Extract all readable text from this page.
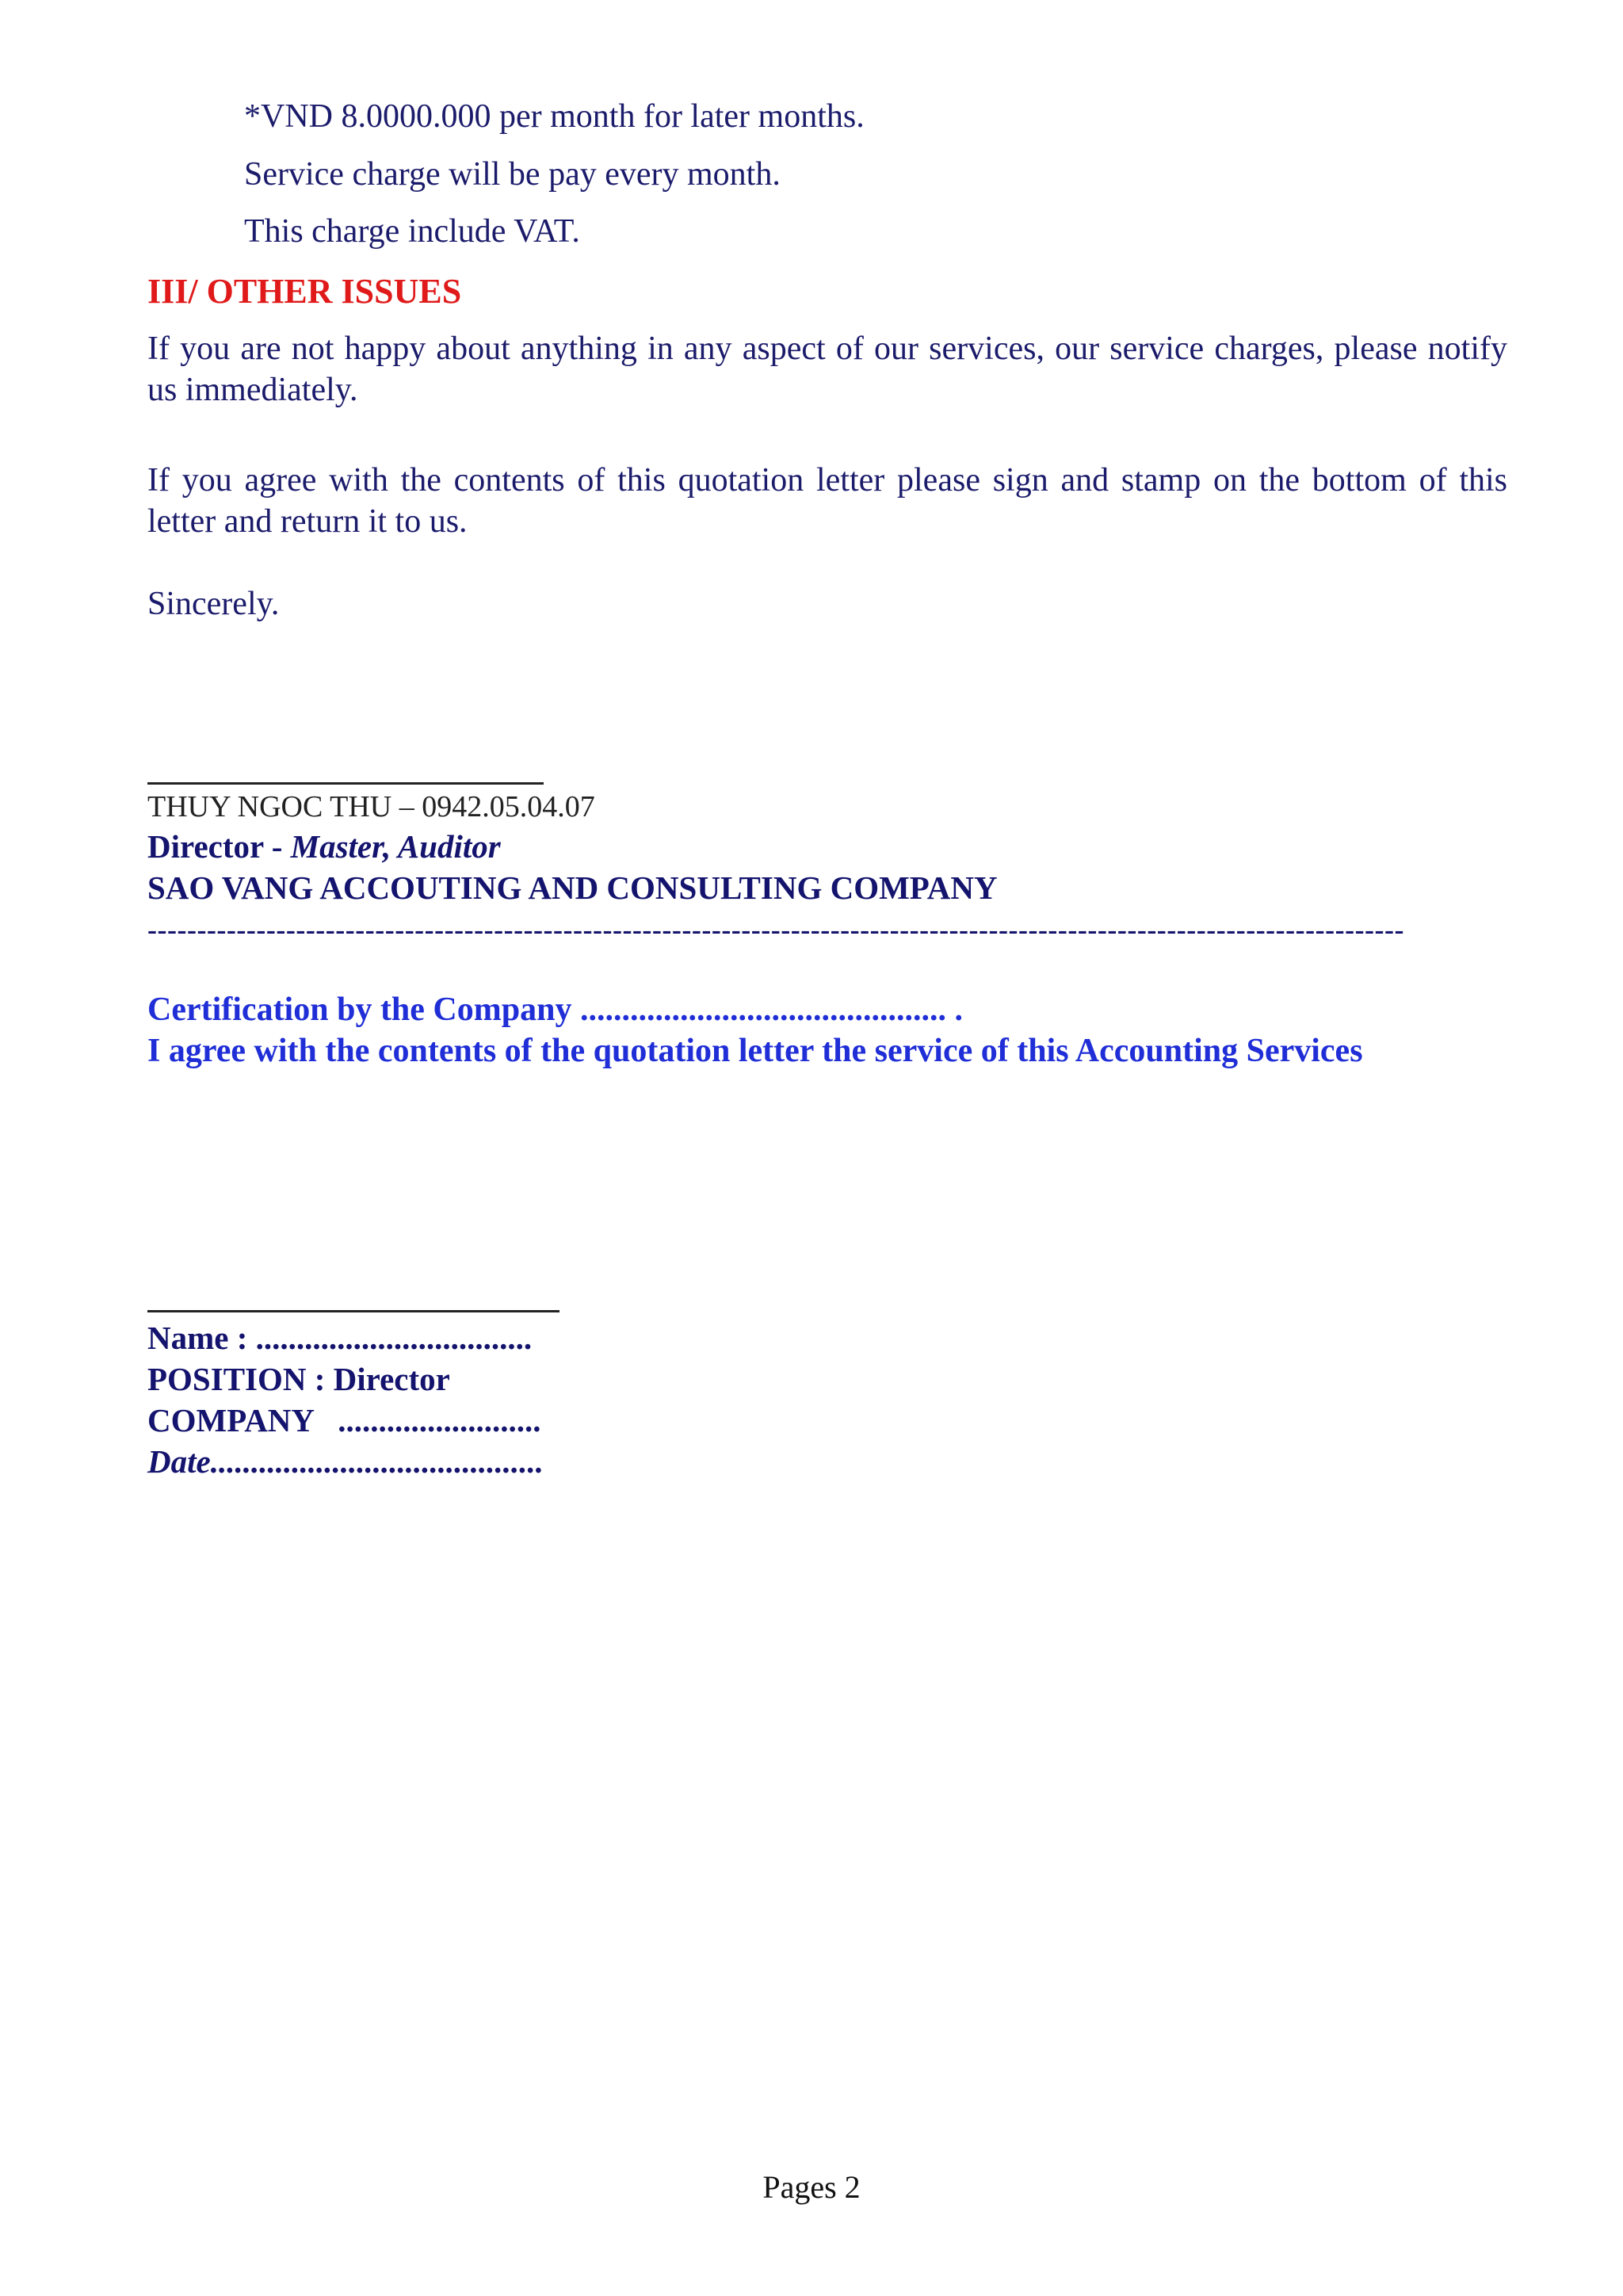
*VND 8.0000.000 per month for later months.
Service charge will be pay every month.
This charge include VAT.
III/ OTHER ISSUES
If you are not happy about anything in any aspect of our services, our service charges, please notify us immediately.
If you agree with the contents of this quotation letter please sign and stamp on the bottom of this letter and return it to us.
Sincerely.
THUY NGOC THU – 0942.05.04.07
Director - Master, Auditor
SAO VANG ACCOUTING AND CONSULTING COMPANY
-------------------------------------------------------------------------------------------------------------------------------
Certification by the Company ............................................ .
I agree with the contents of the quotation letter the service of this Accounting Services
Name : ..................................
POSITION : Director
COMPANY   .........................
Date.........................................
Pages 2
